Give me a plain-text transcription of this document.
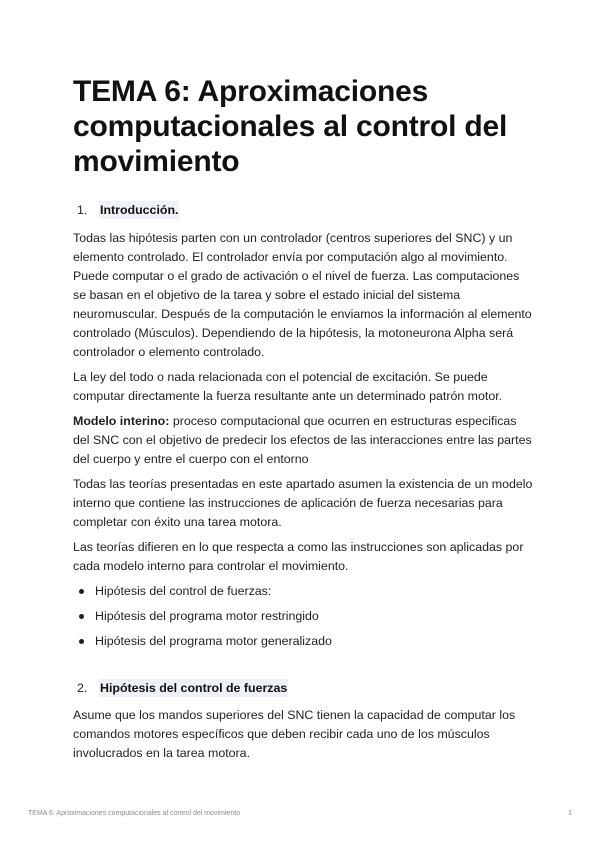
TEMA 6: Aproximaciones computacionales al control del movimiento
1.	Introducción.

Todas las hipótesis parten con un controlador (centros superiores del SNC) y un elemento controlado. El controlador envía por computación algo al movimiento. Puede computar o el grado de activación o el nivel de fuerza. Las computaciones se basan en el objetivo de la tarea y sobre el estado inicial del sistema neuromuscular. Después de la computación le enviamos la información al elemento controlado (Músculos). Dependiendo de la hipótesis, la motoneurona Alpha será controlador o elemento controlado.

La ley del todo o nada relacionada con el potencial de excitación. Se puede computar directamente la fuerza resultante ante un determinado patrón motor.

Modelo interino: proceso computacional que ocurren en estructuras especificas del SNC con el objetivo de predecir los efectos de las interacciones entre las partes del cuerpo y entre el cuerpo con el entorno

Todas las teorías presentadas en este apartado asumen la existencia de un modelo interno que contiene las instrucciones de aplicación de fuerza necesarias para completar con éxito una tarea motora.

Las teorías difieren en lo que respecta a como las instrucciones son aplicadas por cada modelo interno para controlar el movimiento.

Hipótesis del control de fuerzas:
Hipótesis del programa motor restringido
Hipótesis del programa motor generalizado
2.	Hipótesis del control de fuerzas

Asume que los mandos superiores del SNC tienen la capacidad de computar los comandos motores específicos que deben recibir cada uno de los músculos involucrados en la tarea motora.

TEMA 6: Aproximaciones computacionales al control del movimiento	1
